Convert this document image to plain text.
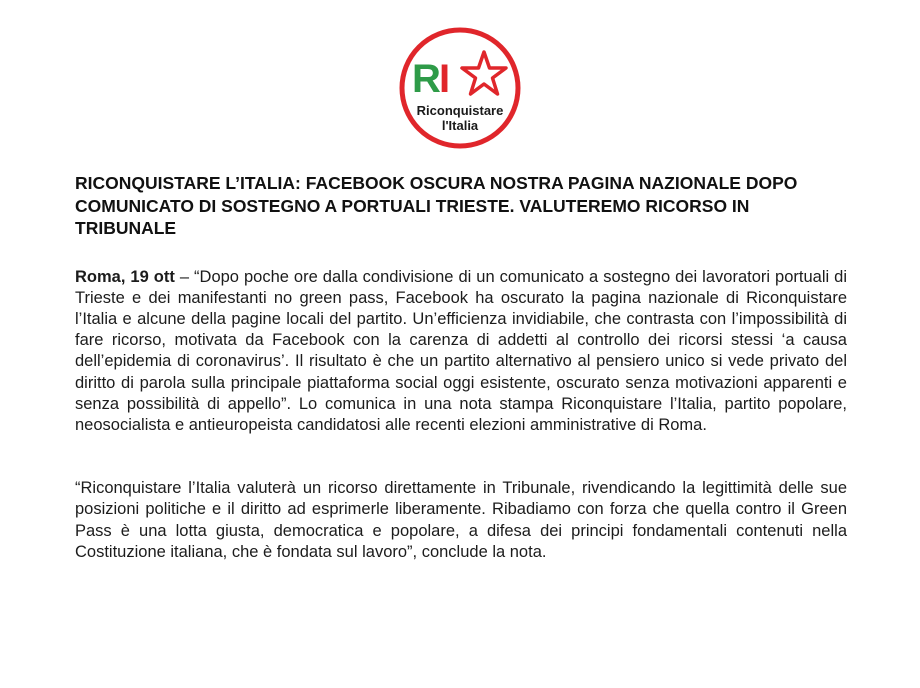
R
I
Riconquistare
l'Italia
RICONQUISTARE L’ITALIA: FACEBOOK OSCURA NOSTRA PAGINA NAZIONALE DOPO COMUNICATO DI SOSTEGNO A PORTUALI TRIESTE. VALUTEREMO RICORSO IN TRIBUNALE

Roma, 19 ott – “Dopo poche ore dalla condivisione di un comunicato a sostegno dei lavoratori portuali di Trieste e dei manifestanti no green pass, Facebook ha oscurato la pagina nazionale di Riconquistare l’Italia e alcune della pagine locali del partito. Un’efficienza invidiabile, che contrasta con l’impossibilità di fare ricorso, motivata da Facebook con la carenza di addetti al controllo dei ricorsi stessi ‘a causa dell’epidemia di coronavirus’. Il risultato è che un partito alternativo al pensiero unico si vede privato del diritto di parola sulla principale piattaforma social oggi esistente, oscurato senza motivazioni apparenti e senza possibilità di appello”. Lo comunica in una nota stampa Riconquistare l’Italia, partito popolare, neosocialista e antieuropeista candidatosi alle recenti elezioni amministrative di Roma.

“Riconquistare l’Italia valuterà un ricorso direttamente in Tribunale, rivendicando la legittimità delle sue posizioni politiche e il diritto ad esprimerle liberamente. Ribadiamo con forza che quella contro il Green Pass è una lotta giusta, democratica e popolare, a difesa dei principi fondamentali contenuti nella Costituzione italiana, che è fondata sul lavoro”, conclude la nota.
